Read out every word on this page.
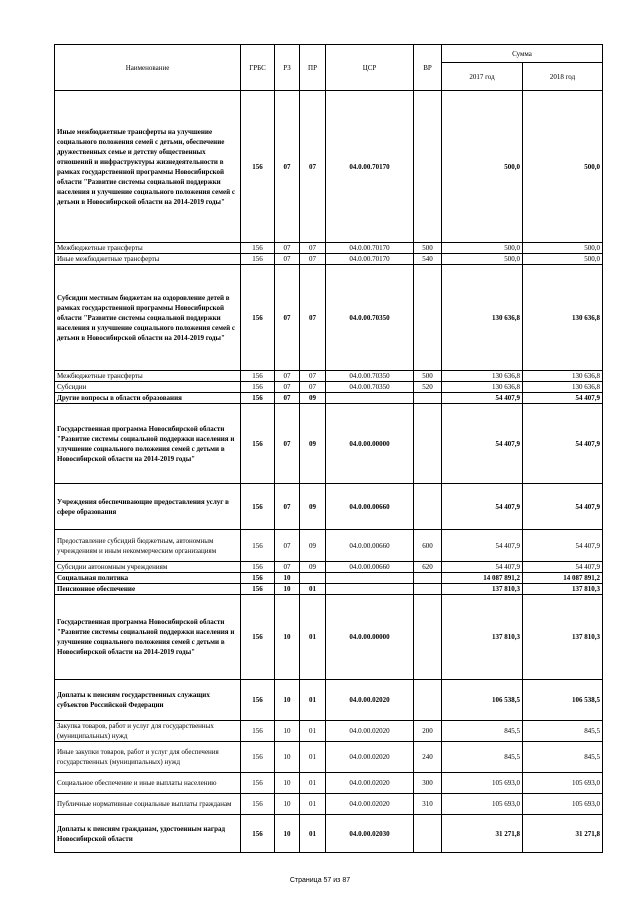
Наименование	ГРБС	РЗ	ПР	ЦСР	ВР	Сумма	
						2017 год	2018 год
Иные межбюджетные трансферты на улучшение социального положения семей с детьми, обеспечение дружественных семье и детству общественных отношений и инфраструктуры жизнедеятельности в рамках государственной программы Новосибирской области "Развитие системы социальной поддержки населения и улучшение социального положения семей с детьми в Новосибирской области на 2014-2019 годы"	156	07	07	04.0.00.70170		500,0	500,0
Межбюджетные трансферты	156	07	07	04.0.00.70170	500	500,0	500,0
Иные межбюджетные трансферты	156	07	07	04.0.00.70170	540	500,0	500,0
Субсидии местным бюджетам на оздоровление детей в рамках государственной программы Новосибирской области "Развитие системы социальной поддержки населения и улучшение социального положения семей с детьми в Новосибирской области на 2014-2019 годы"	156	07	07	04.0.00.70350		130 636,8	130 636,8
Межбюджетные трансферты	156	07	07	04.0.00.70350	500	130 636,8	130 636,8
Субсидии	156	07	07	04.0.00.70350	520	130 636,8	130 636,8
Другие вопросы в области образования	156	07	09			54 407,9	54 407,9
Государственная программа Новосибирской области "Развитие системы социальной поддержки населения и улучшение социального положения семей с детьми в Новосибирской области на 2014-2019 годы"	156	07	09	04.0.00.00000		54 407,9	54 407,9
Учреждения обеспечивающие предоставления услуг в сфере образования	156	07	09	04.0.00.00660		54 407,9	54 407,9
Предоставление субсидий бюджетным, автономным учреждениям и иным некоммерческим организациям	156	07	09	04.0.00.00660	600	54 407,9	54 407,9
Субсидии автономным учреждениям	156	07	09	04.0.00.00660	620	54 407,9	54 407,9
Социальная политика	156	10				14 087 891,2	14 087 891,2
Пенсионное обеспечение	156	10	01			137 810,3	137 810,3
Государственная программа Новосибирской области "Развитие системы социальной поддержки населения и улучшение социального положения семей с детьми в Новосибирской области на 2014-2019 годы"	156	10	01	04.0.00.00000		137 810,3	137 810,3
Доплаты к пенсиям государственных служащих субъектов Российской Федерации	156	10	01	04.0.00.02020		106 538,5	106 538,5
Закупка товаров, работ и услуг для государственных (муниципальных) нужд	156	10	01	04.0.00.02020	200	845,5	845,5
Иные закупки товаров, работ и услуг для обеспечения государственных (муниципальных) нужд	156	10	01	04.0.00.02020	240	845,5	845,5
Социальное обеспечение и иные выплаты населению	156	10	01	04.0.00.02020	300	105 693,0	105 693,0
Публичные нормативные социальные выплаты гражданам	156	10	01	04.0.00.02020	310	105 693,0	105 693,0
Доплаты к пенсиям гражданам, удостоенным наград Новосибирской области	156	10	01	04.0.00.02030		31 271,8	31 271,8
Страница 57 из 87
